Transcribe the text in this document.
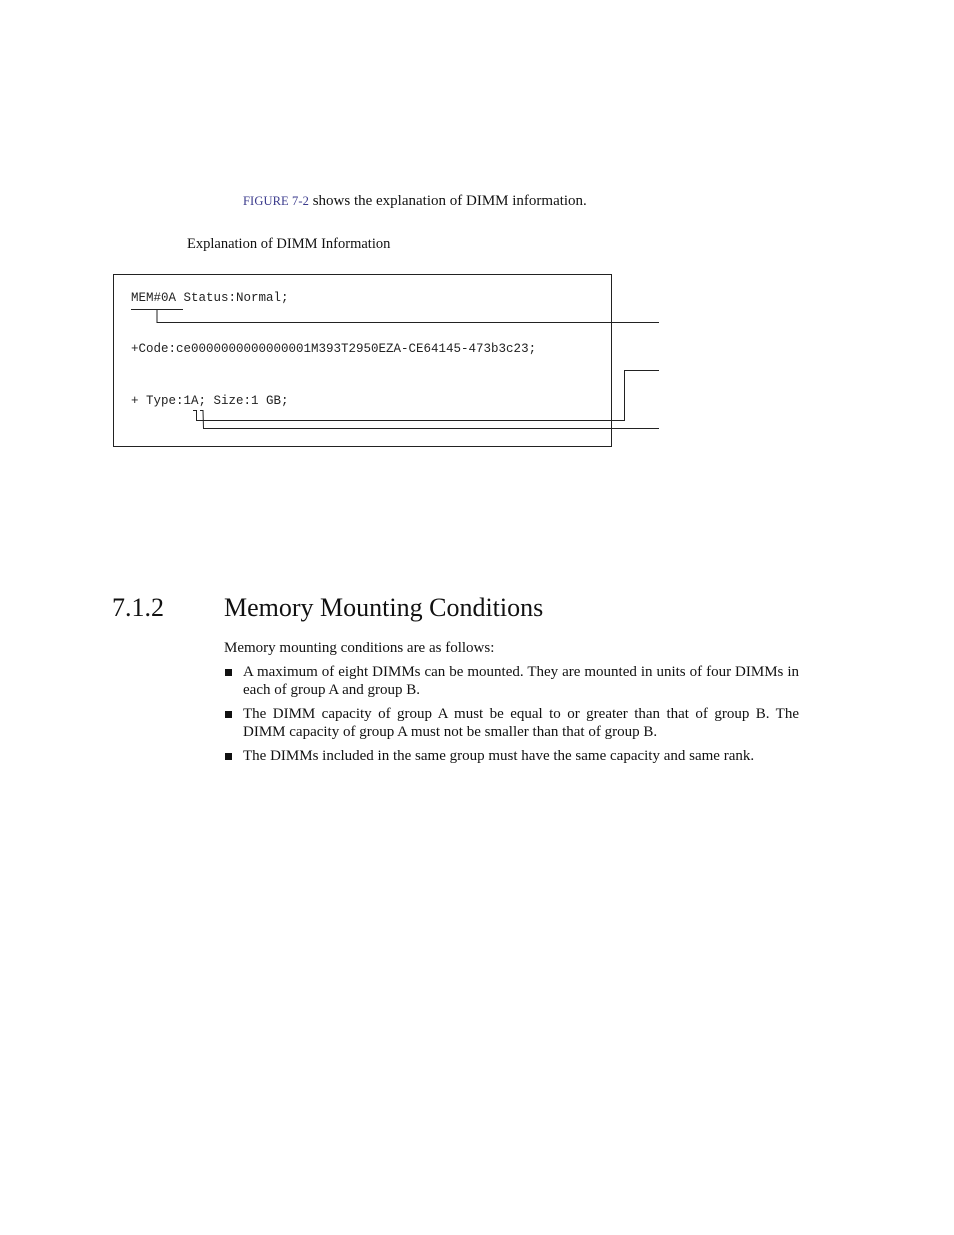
FIGURE 7-2 shows the explanation of DIMM information.
Explanation of DIMM Information
MEM#0A Status:Normal;
+Code:ce0000000000000001M393T2950EZA-CE64145-473b3c23;
+ Type:1A; Size:1 GB;
7.1.2 Memory Mounting Conditions
Memory mounting conditions are as follows:
A maximum of eight DIMMs can be mounted. They are mounted in units of four DIMMs in each of group A and group B.
The DIMM capacity of group A must be equal to or greater than that of group B. The DIMM capacity of group A must not be smaller than that of group B.
The DIMMs included in the same group must have the same capacity and same rank.
